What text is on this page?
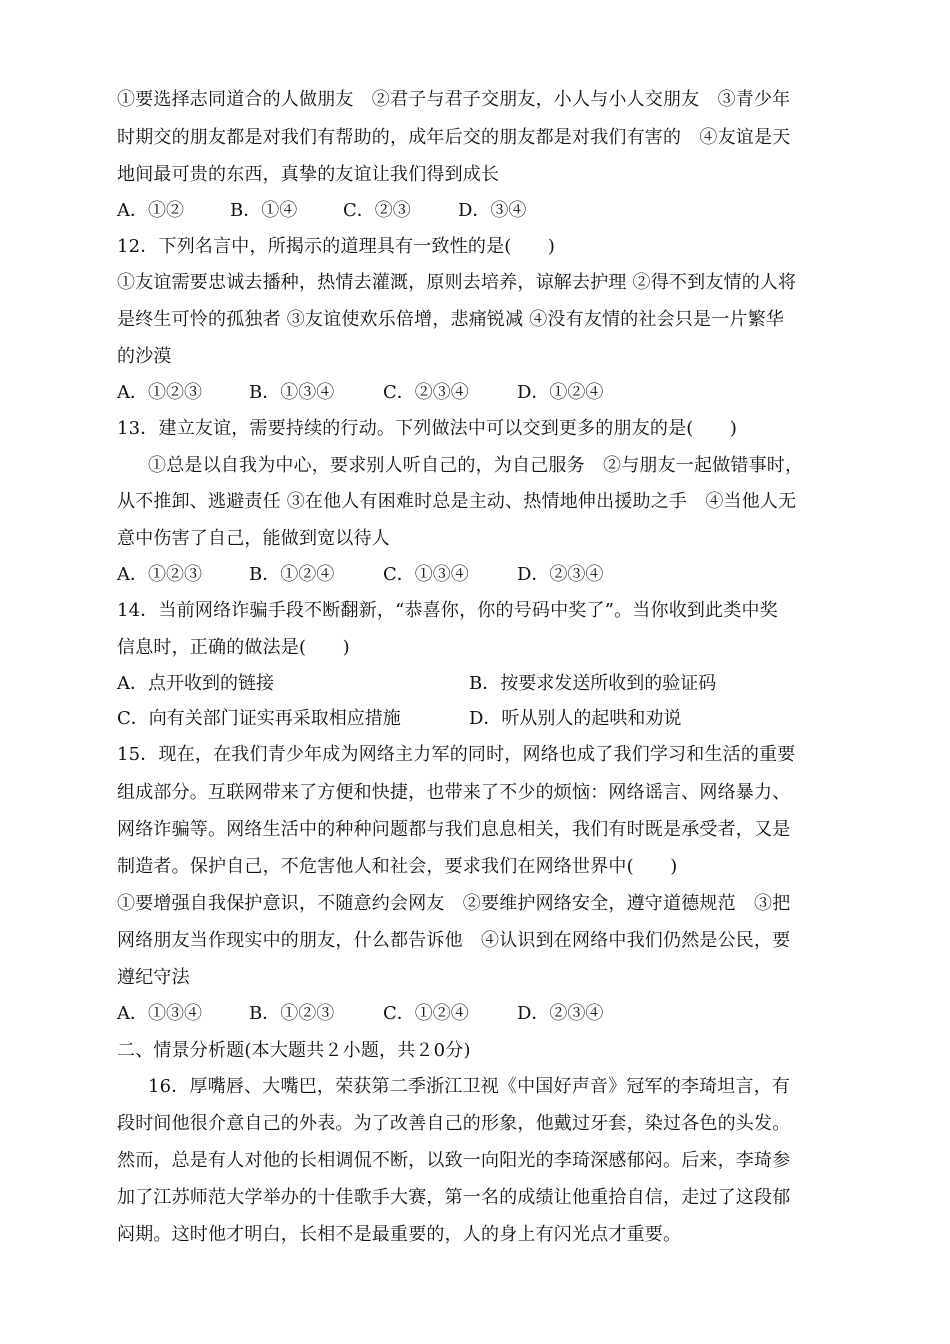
①要选择志同道合的人做朋友　②君子与君子交朋友，小人与小人交朋友　③青少年
时期交的朋友都是对我们有帮助的，成年后交的朋友都是对我们有害的　④友谊是天
地间最可贵的东西，真挚的友谊让我们得到成长
A．①②	B．①④	C．②③	D．③④
12．下列名言中，所揭示的道理具有一致性的是(　　)
①友谊需要忠诚去播种，热情去灌溉，原则去培养，谅解去护理 ②得不到友情的人将
是终生可怜的孤独者 ③友谊使欢乐倍增，悲痛锐减 ④没有友情的社会只是一片繁华
的沙漠
A．①②③	B．①③④	C．②③④	D．①②④
13．建立友谊，需要持续的行动。下列做法中可以交到更多的朋友的是(　　)
①总是以自我为中心，要求别人听自己的，为自己服务　②与朋友一起做错事时，
从不推卸、逃避责任 ③在他人有困难时总是主动、热情地伸出援助之手　④当他人无
意中伤害了自己，能做到宽以待人
A．①②③	B．①②④	C．①③④	D．②③④
14．当前网络诈骗手段不断翻新，“恭喜你，你的号码中奖了”。当你收到此类中奖
信息时，正确的做法是(　　)
A．点开收到的链接	B．按要求发送所收到的验证码
C．向有关部门证实再采取相应措施	D．听从别人的起哄和劝说
15．现在，在我们青少年成为网络主力军的同时，网络也成了我们学习和生活的重要
组成部分。互联网带来了方便和快捷，也带来了不少的烦恼：网络谣言、网络暴力、
网络诈骗等。网络生活中的种种问题都与我们息息相关，我们有时既是承受者，又是
制造者。保护自己，不危害他人和社会，要求我们在网络世界中(　　)
①要增强自我保护意识，不随意约会网友　②要维护网络安全，遵守道德规范　③把
网络朋友当作现实中的朋友，什么都告诉他　④认识到在网络中我们仍然是公民，要
遵纪守法
A．①③④	B．①②③	C．①②④	D．②③④
二、情景分析题(本大题共２小题，共２0分)
16．厚嘴唇、大嘴巴，荣获第二季浙江卫视《中国好声音》冠军的李琦坦言，有
段时间他很介意自己的外表。为了改善自己的形象，他戴过牙套，染过各色的头发。
然而，总是有人对他的长相调侃不断，以致一向阳光的李琦深感郁闷。后来，李琦参
加了江苏师范大学举办的十佳歌手大赛，第一名的成绩让他重拾自信，走过了这段郁
闷期。这时他才明白，长相不是最重要的，人的身上有闪光点才重要。
